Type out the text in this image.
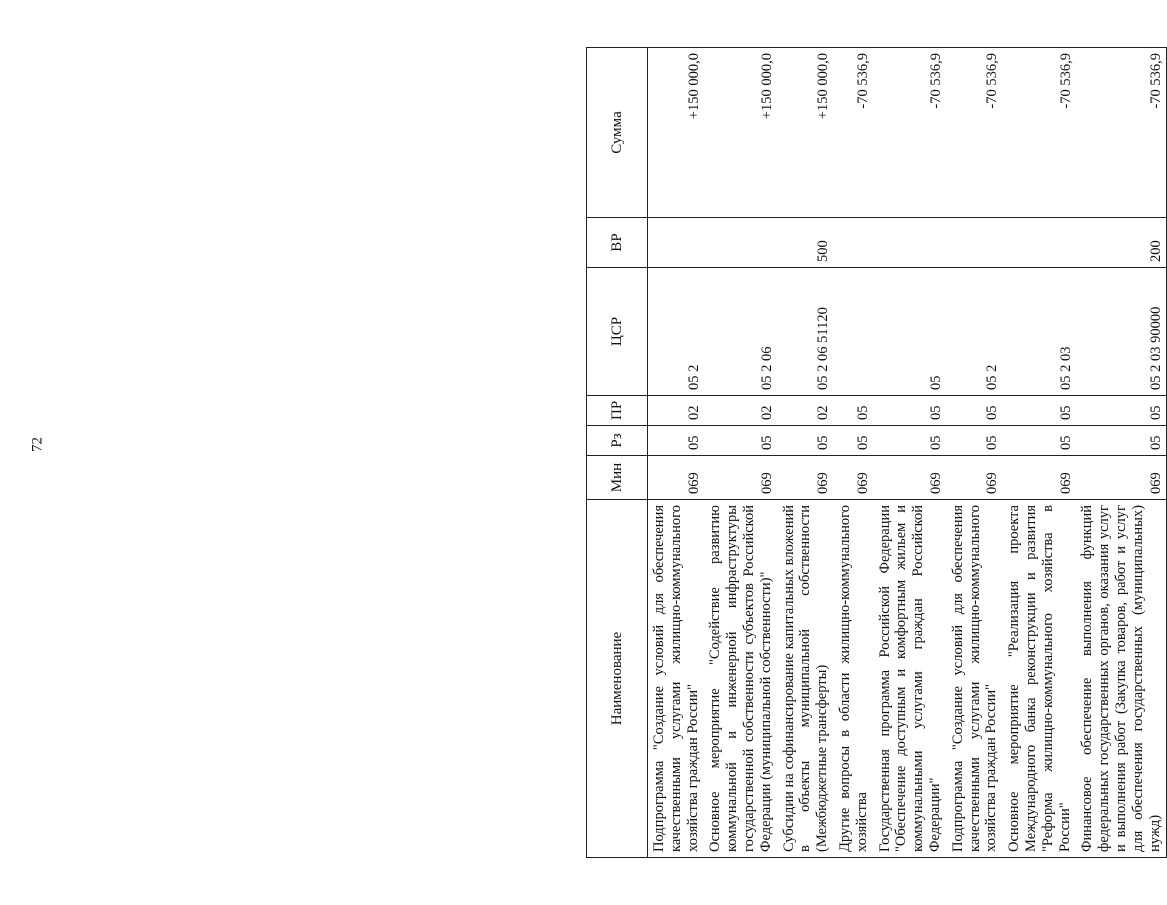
72
Наименование	Мин	Рз	ПР	ЦСР	ВР	Сумма
Подпрограмма "Создание условий для обеспечения качественными услугами жилищно-коммунального хозяйства граждан России"	069	05	02	05 2		+150 000,0
Основное мероприятие "Содействие развитию коммунальной и инженерной инфраструктуры государственной собственности субъектов Российской Федерации (муниципальной собственности)"	069	05	02	05 2 06		+150 000,0
Субсидии на софинансирование капитальных вложений в объекты муниципальной собственности (Межбюджетные трансферты)	069	05	02	05 2 06 51120	500	+150 000,0
Другие вопросы в области жилищно-коммунального хозяйства	069	05	05			-70 536,9
Государственная программа Российской Федерации "Обеспечение доступным и комфортным жильем и коммунальными услугами граждан Российской Федерации"	069	05	05	05		-70 536,9
Подпрограмма "Создание условий для обеспечения качественными услугами жилищно-коммунального хозяйства граждан России"	069	05	05	05 2		-70 536,9
Основное мероприятие "Реализация проекта Международного банка реконструкции и развития "Реформа жилищно-коммунального хозяйства в России"	069	05	05	05 2 03		-70 536,9
Финансовое обеспечение выполнения функций федеральных государственных органов, оказания услуг и выполнения работ (Закупка товаров, работ и услуг для обеспечения государственных (муниципальных) нужд)	069	05	05	05 2 03 90000	200	-70 536,9
